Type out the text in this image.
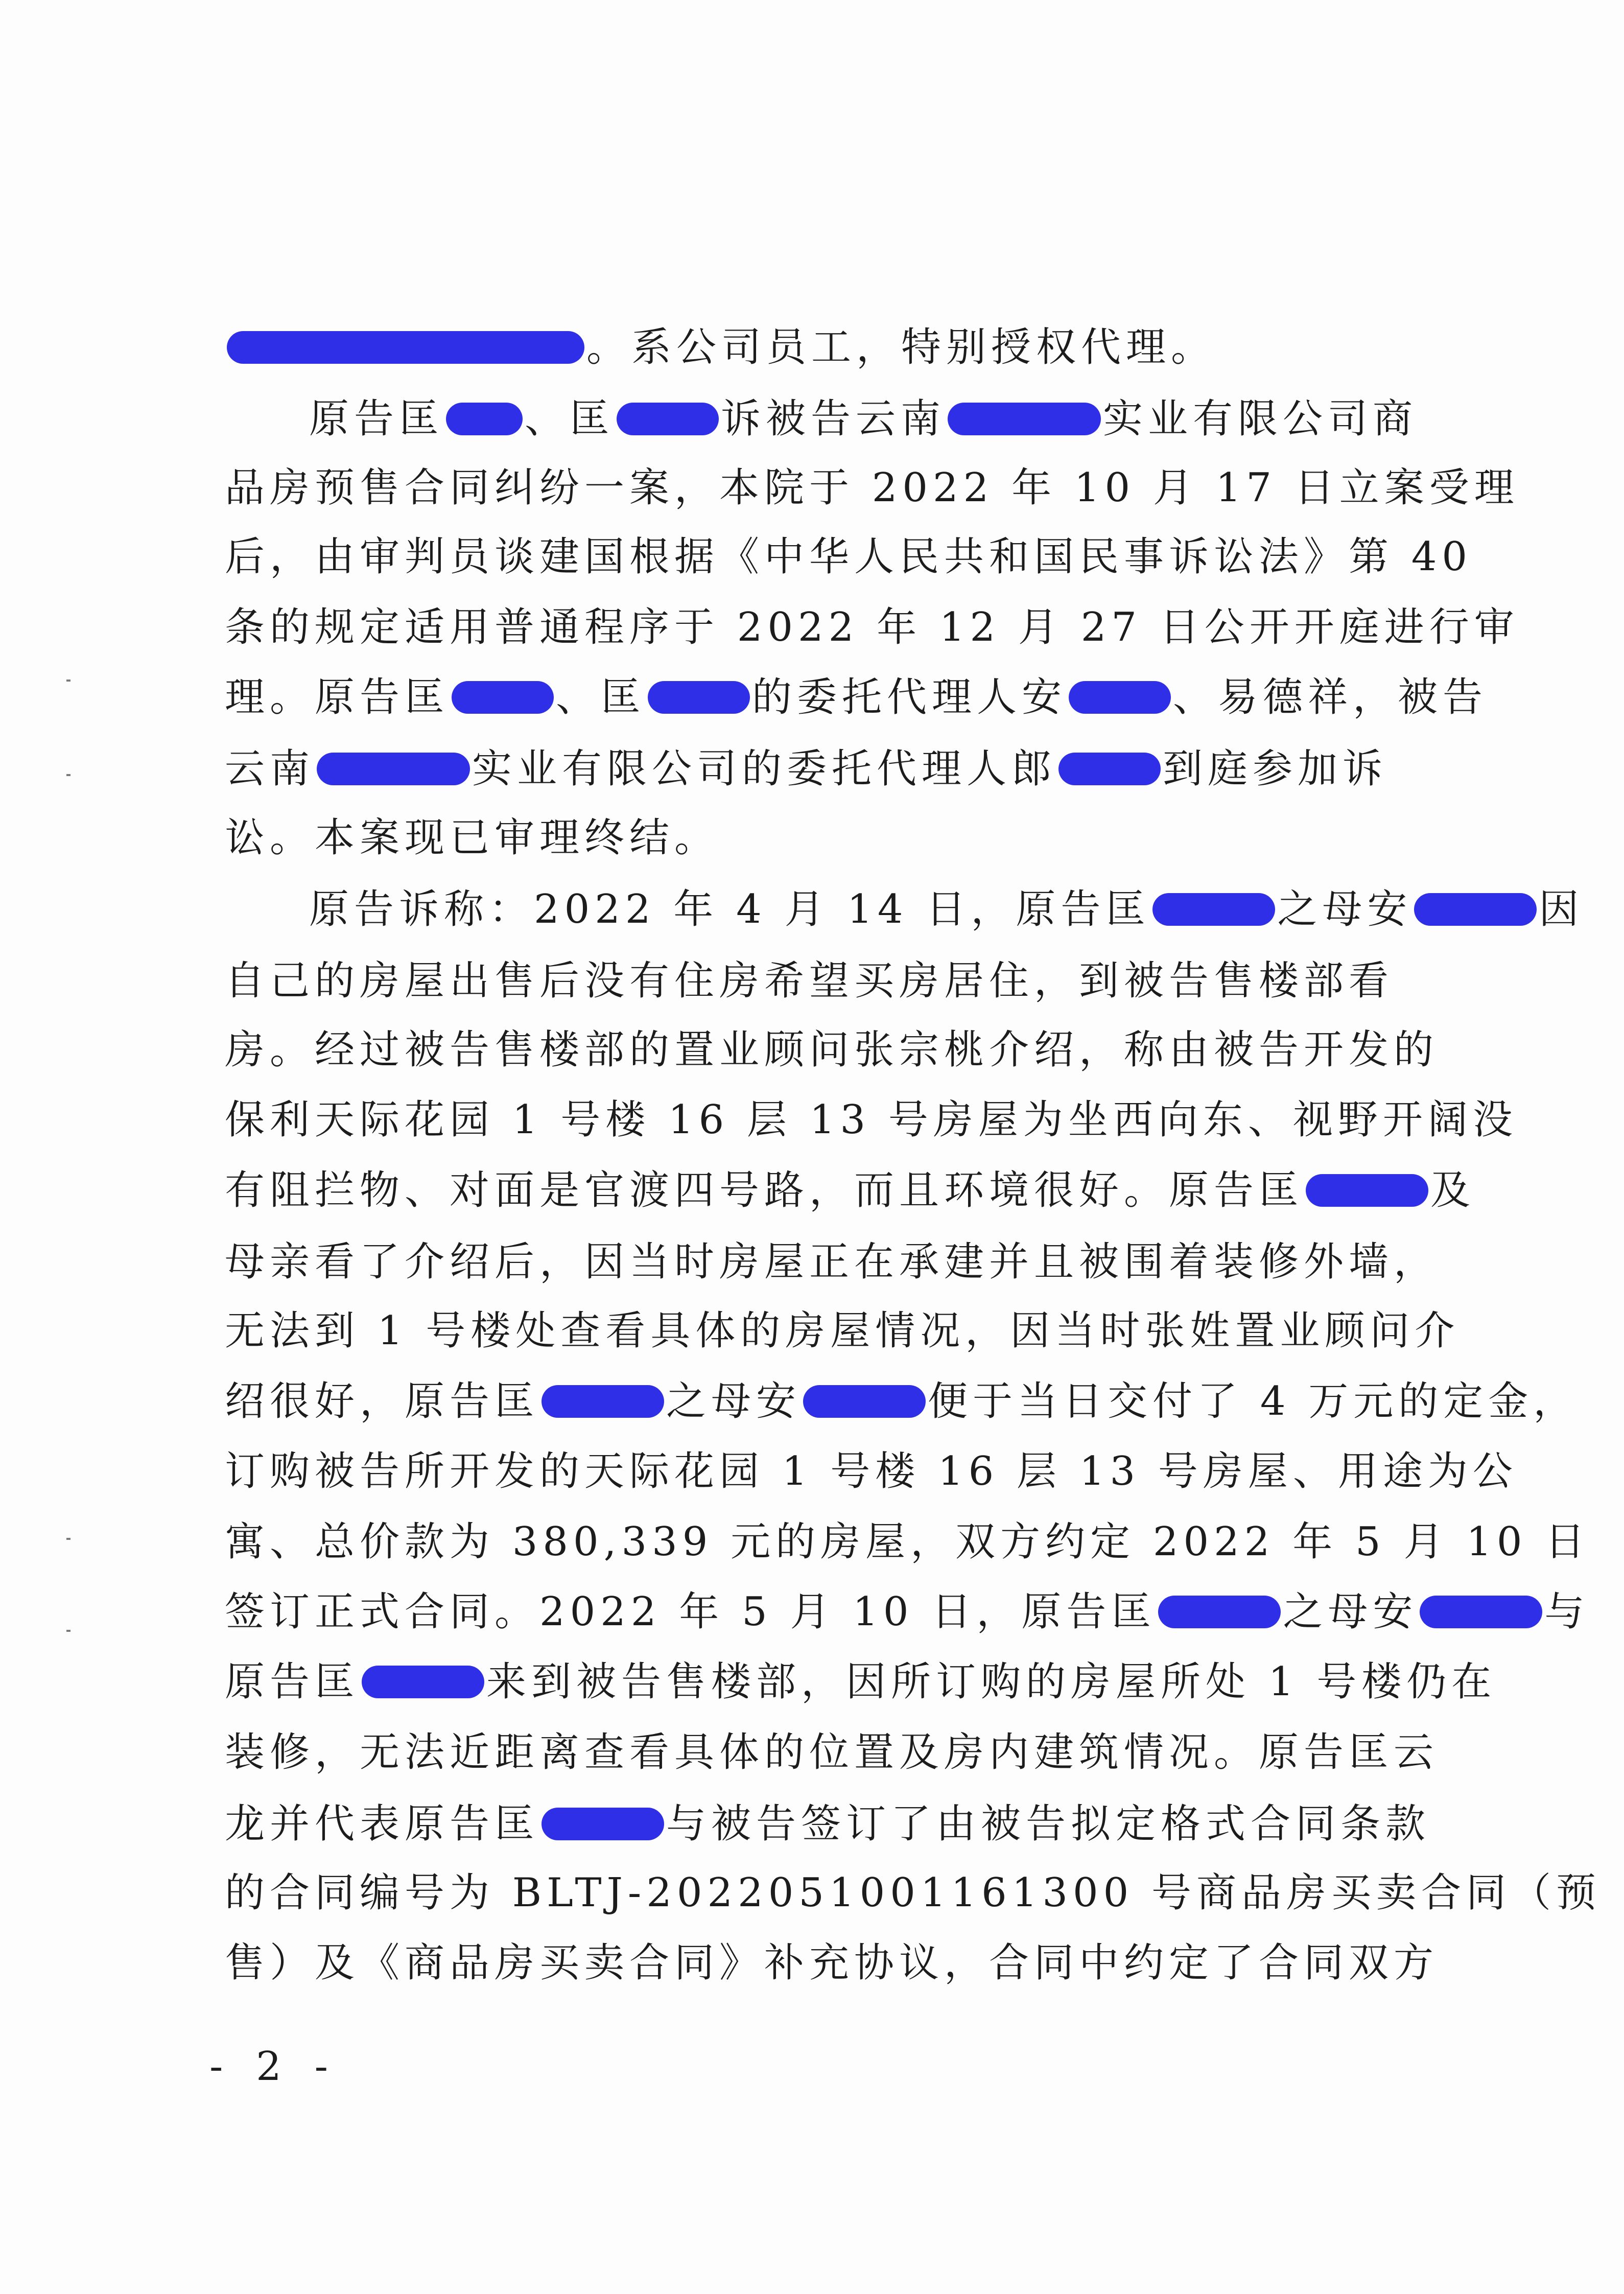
。系公司员工，特别授权代理。
原告匡 、匡	诉被告云南	实业有限公司商
品房预售合同纠纷一案，本院于 2022 年 10 月 17 日立案受理
后，由审判员谈建国根据《中华人民共和国民事诉讼法》第 40
条的规定适用普通程序于 2022 年 12 月 27 日公开开庭进行审
理。原告匡	、匡	的委托代理人安	、易德祥，被告
云南	实业有限公司的委托代理人郎	到庭参加诉
讼。本案现已审理终结。
原告诉称：2022 年 4 月 14 日，原告匡	之母安	因
自己的房屋出售后没有住房希望买房居住，到被告售楼部看
房。经过被告售楼部的置业顾问张宗桃介绍，称由被告开发的
保利天际花园 1 号楼 16 层 13 号房屋为坐西向东、视野开阔没
有阻拦物、对面是官渡四号路，而且环境很好。原告匡	及
母亲看了介绍后，因当时房屋正在承建并且被围着装修外墙，
无法到 1 号楼处查看具体的房屋情况，因当时张姓置业顾问介
绍很好，原告匡	之母安	便于当日交付了 4 万元的定金，
订购被告所开发的天际花园 1 号楼 16 层 13 号房屋、用途为公
寓、总价款为 380,339 元的房屋，双方约定 2022 年 5 月 10 日
签订正式合同。2022 年 5 月 10 日，原告匡	之母安	与
原告匡	来到被告售楼部，因所订购的房屋所处 1 号楼仍在
装修，无法近距离查看具体的位置及房内建筑情况。原告匡云
龙并代表原告匡	与被告签订了由被告拟定格式合同条款
的合同编号为 BLTJ-2022051001161300 号商品房买卖合同（预
售）及《商品房买卖合同》补充协议，合同中约定了合同双方
- 2 -
